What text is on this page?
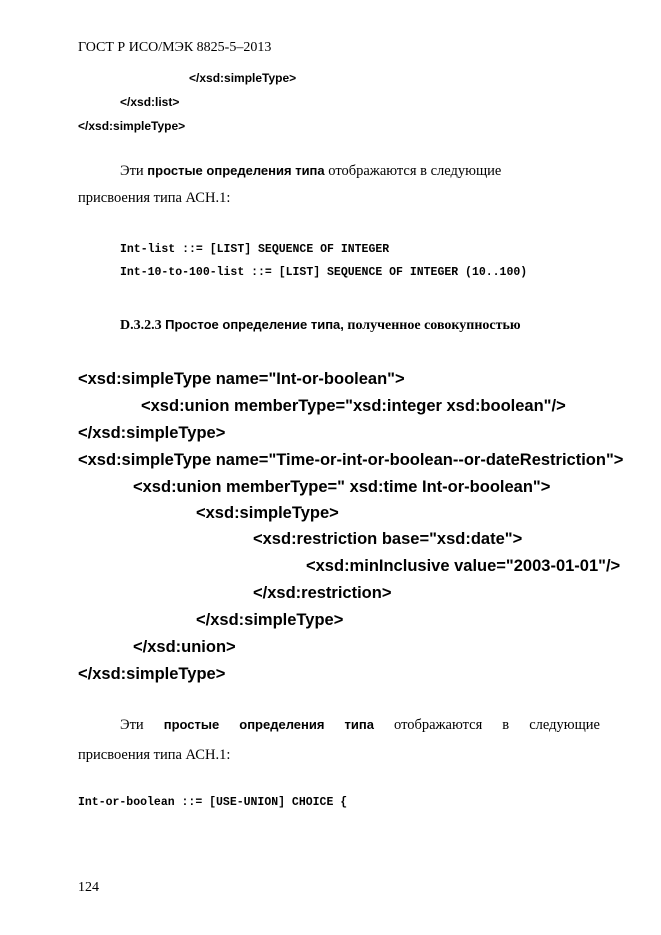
ГОСТ Р ИСО/МЭК 8825-5–2013
</xsd:simpleType>
</xsd:list>
</xsd:simpleType>
Эти простые определения типа отображаются в следующие
присвоения типа АСН.1:
Int-list ::= [LIST] SEQUENCE OF INTEGER
Int-10-to-100-list ::= [LIST] SEQUENCE OF INTEGER (10..100)
D.3.2.3 Простое определение типа, полученное совокупностью
<xsd:simpleType name="Int-or-boolean">
<xsd:union memberType="xsd:integer xsd:boolean"/>
</xsd:simpleType>
<xsd:simpleType name="Time-or-int-or-boolean--or-dateRestriction">
<xsd:union memberType=" xsd:time Int-or-boolean">
<xsd:simpleType>
<xsd:restriction base="xsd:date">
<xsd:minInclusive value="2003-01-01"/>
</xsd:restriction>
</xsd:simpleType>
</xsd:union>
</xsd:simpleType>
Эти простые определения типа отображаются в следующие
присвоения типа АСН.1:
Int-or-boolean ::= [USE-UNION] CHOICE {
124
